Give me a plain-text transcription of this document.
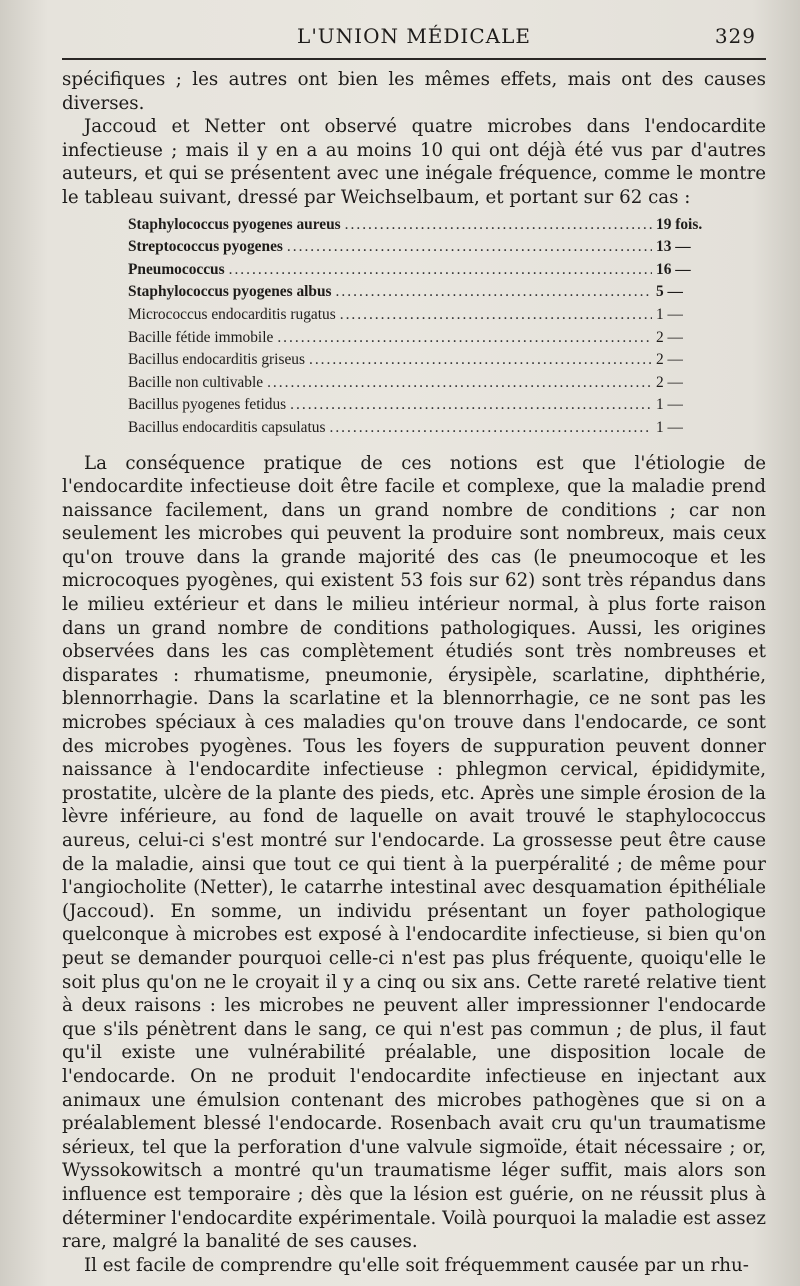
L'UNION MÉDICALE	329

spécifiques ; les autres ont bien les mêmes effets, mais ont des causes diverses.

Jaccoud et Netter ont observé quatre microbes dans l'endocardite infectieuse ; mais il y en a au moins 10 qui ont déjà été vus par d'autres auteurs, et qui se présentent avec une inégale fréquence, comme le montre le tableau suivant, dressé par Weichselbaum, et portant sur 62 cas :

Staphylococcus pyogenes aureus .....	19 fois.
Streptococcus pyogenes .....	13 —
Pneumococcus .....	16 —
Staphylococcus pyogenes albus .....	5 —
Micrococcus endocarditis rugatus .....	1 —
Bacille fétide immobile .....	2 —
Bacillus endocarditis griseus .....	2 —
Bacille non cultivable .....	2 —
Bacillus pyogenes fetidus .....	1 —
Bacillus endocarditis capsulatus .....	1 —

La conséquence pratique de ces notions est que l'étiologie de l'endocardite infectieuse doit être facile et complexe, que la maladie prend naissance facilement, dans un grand nombre de conditions ; car non seulement les microbes qui peuvent la produire sont nombreux, mais ceux qu'on trouve dans la grande majorité des cas (le pneumocoque et les microcoques pyogènes, qui existent 53 fois sur 62) sont très répandus dans le milieu extérieur et dans le milieu intérieur normal, à plus forte raison dans un grand nombre de conditions pathologiques. Aussi, les origines observées dans les cas complètement étudiés sont très nombreuses et disparates : rhumatisme, pneumonie, érysipèle, scarlatine, diphthérie, blennorrhagie. Dans la scarlatine et la blennorrhagie, ce ne sont pas les microbes spéciaux à ces maladies qu'on trouve dans l'endocarde, ce sont des microbes pyogènes. Tous les foyers de suppuration peuvent donner naissance à l'endocardite infectieuse : phlegmon cervical, épididymite, prostatite, ulcère de la plante des pieds, etc. Après une simple érosion de la lèvre inférieure, au fond de laquelle on avait trouvé le staphylococcus aureus, celui-ci s'est montré sur l'endocarde. La grossesse peut être cause de la maladie, ainsi que tout ce qui tient à la puerpéralité ; de même pour l'angiocholite (Netter), le catarrhe intestinal avec desquamation épithéliale (Jaccoud). En somme, un individu présentant un foyer pathologique quelconque à microbes est exposé à l'endocardite infectieuse, si bien qu'on peut se demander pourquoi celle-ci n'est pas plus fréquente, quoiqu'elle le soit plus qu'on ne le croyait il y a cinq ou six ans. Cette rareté relative tient à deux raisons : les microbes ne peuvent aller impressionner l'endocarde que s'ils pénètrent dans le sang, ce qui n'est pas commun ; de plus, il faut qu'il existe une vulnérabilité préalable, une disposition locale de l'endocarde. On ne produit l'endocardite infectieuse en injectant aux animaux une émulsion contenant des microbes pathogènes que si on a préalablement blessé l'endocarde. Rosenbach avait cru qu'un traumatisme sérieux, tel que la perforation d'une valvule sigmoïde, était nécessaire ; or, Wyssokowitsch a montré qu'un traumatisme léger suffit, mais alors son influence est temporaire ; dès que la lésion est guérie, on ne réussit plus à déterminer l'endocardite expérimentale. Voilà pourquoi la maladie est assez rare, malgré la banalité de ses causes.

Il est facile de comprendre qu'elle soit fréquemment causée par un rhu-
